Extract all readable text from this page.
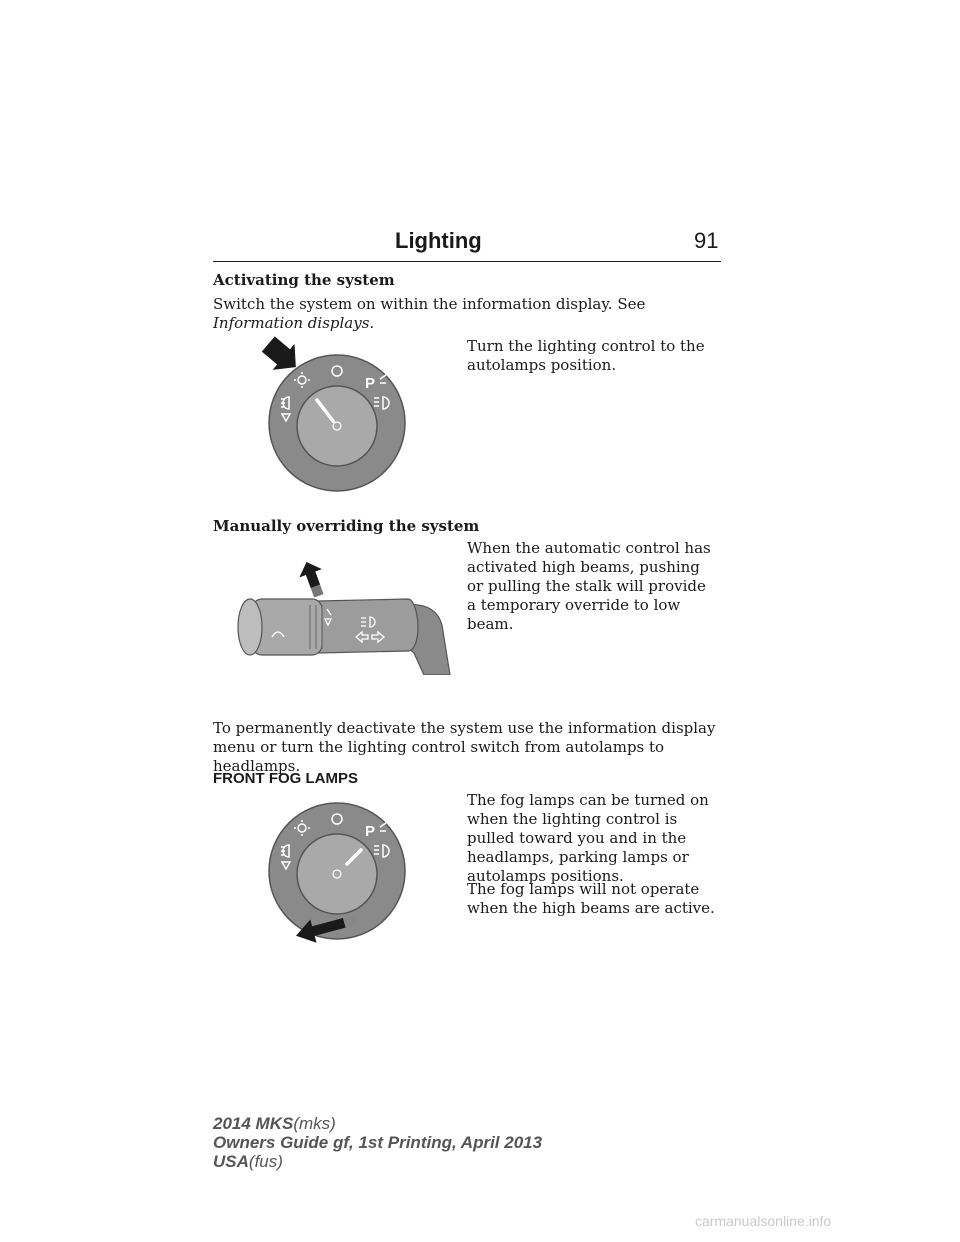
Lighting	91
Activating the system
Switch the system on within the information display. See Information displays.
Turn the lighting control to the autolamps position.
P
Manually overriding the system
When the automatic control has activated high beams, pushing or pulling the stalk will provide a temporary override to low beam.
To permanently deactivate the system use the information display menu or turn the lighting control switch from autolamps to headlamps.
FRONT FOG LAMPS
The fog lamps can be turned on when the lighting control is pulled toward you and in the headlamps, parking lamps or autolamps positions.
The fog lamps will not operate when the high beams are active.
P
2014 MKS(mks)
Owners Guide gf, 1st Printing, April 2013
USA(fus)
carmanualsonline.info
